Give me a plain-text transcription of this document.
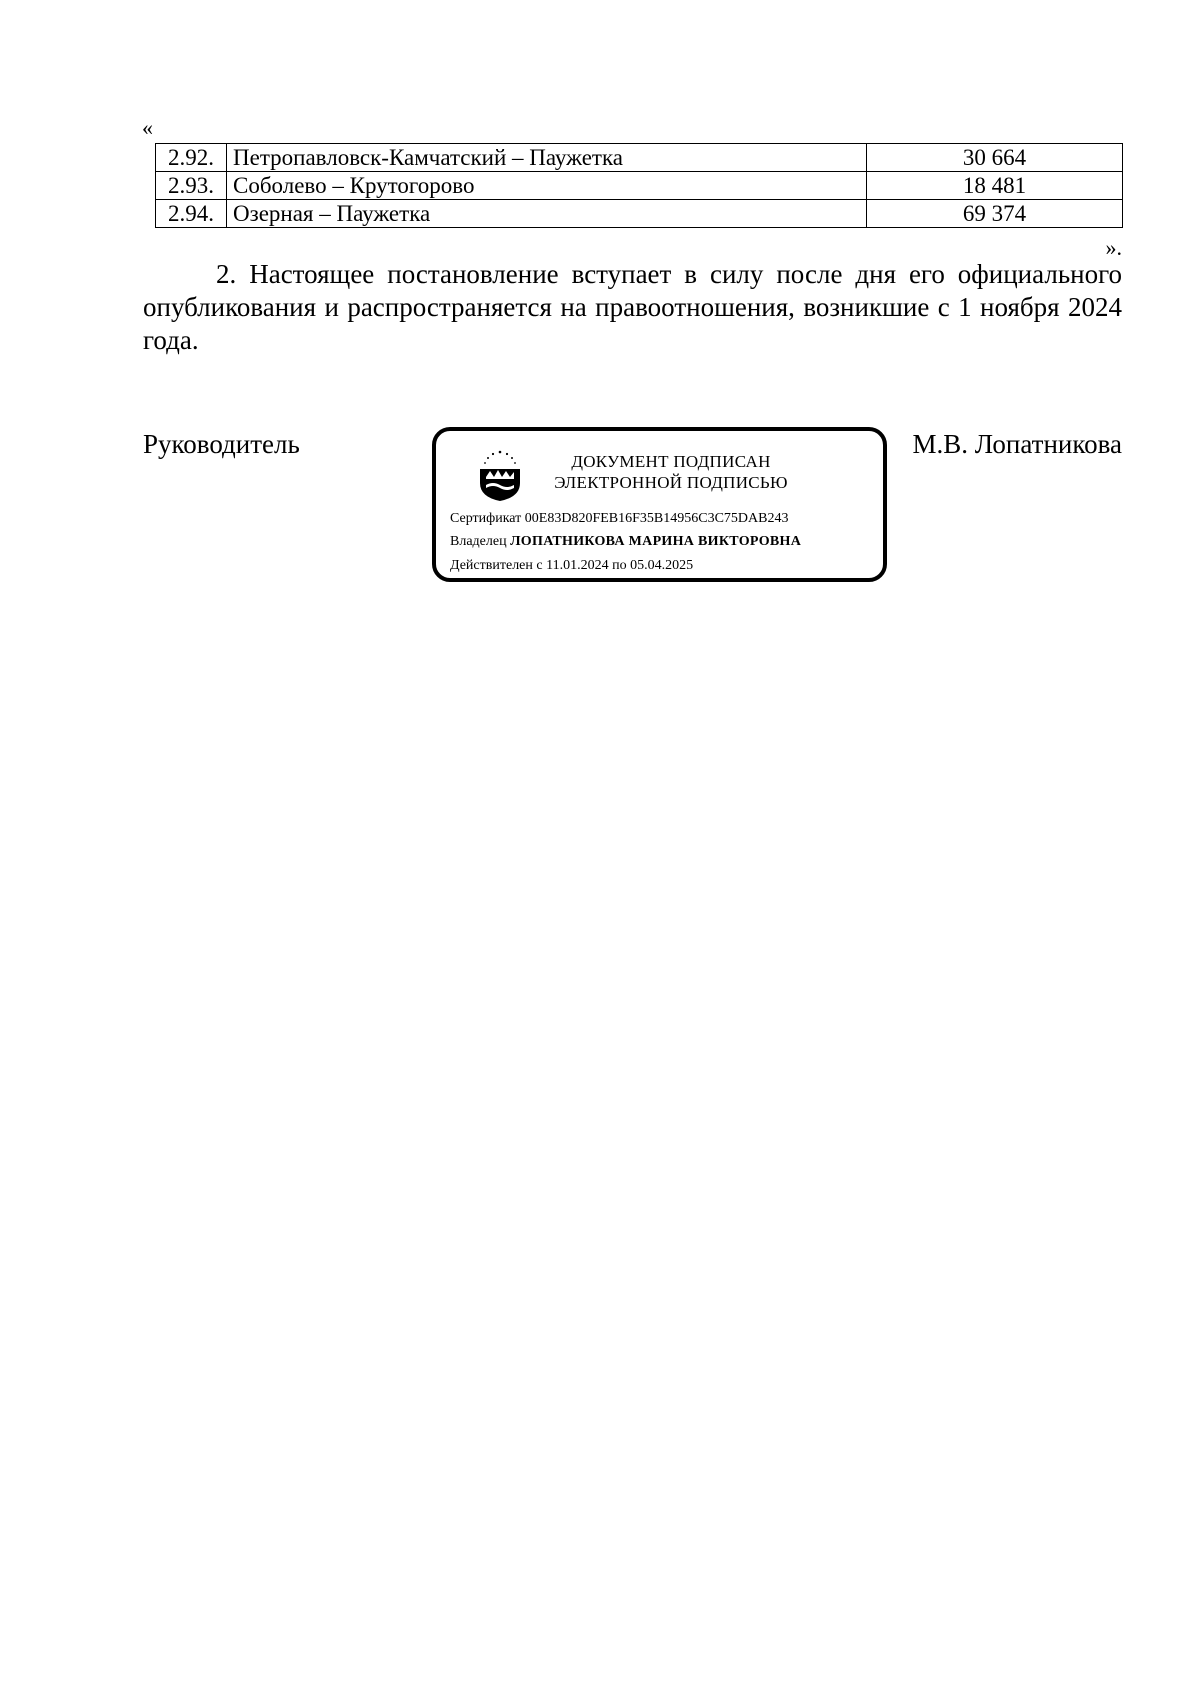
«
2.92.	Петропавловск-Камчатский – Паужетка	30 664
2.93.	Соболево – Крутогорово	18 481
2.94.	Озерная – Паужетка	69 374
».

2. Настоящее постановление вступает в силу после дня его официального опубликования и распространяется на правоотношения, возникшие с 1 ноября 2024 года.

Руководитель	М.В. Лопатникова
ДОКУМЕНТ ПОДПИСАН
ЭЛЕКТРОННОЙ ПОДПИСЬЮ
Сертификат 00E83D820FEB16F35B14956C3C75DAB243
Владелец ЛОПАТНИКОВА МАРИНА ВИКТОРОВНА
Действителен с 11.01.2024 по 05.04.2025
